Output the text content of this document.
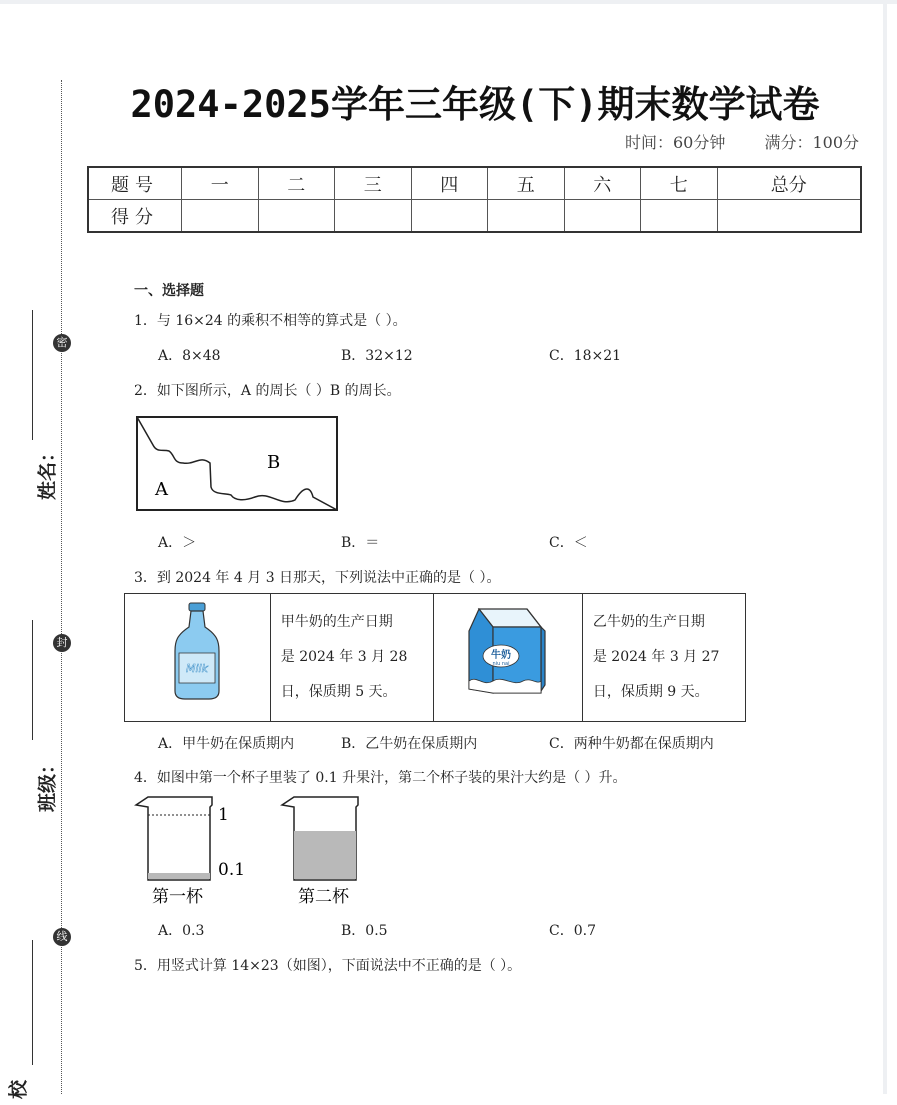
密
封
线
姓名：
班级：
校
2024-2025学年三年级(下)期末数学试卷
时间：60分钟 满分：100分
题号	一	二	三	四	五	六	七	总分
得分								
一、选择题
1．与 16×24 的乘积不相等的算式是（ ）。
A．8×48	B．32×12	C．18×21
2．如下图所示，A 的周长（ ）B 的周长。
A
B
A．＞	B．＝	C．＜
3．到 2024 年 4 月 3 日那天，下列说法中正确的是（ ）。
Milk

甲牛奶的生产日期
是 2024 年 3 月 28
日，保质期 5 天。

牛奶
niu nai

乙牛奶的生产日期
是 2024 年 3 月 27
日，保质期 9 天。
A．甲牛奶在保质期内	B．乙牛奶在保质期内	C．两种牛奶都在保质期内
4．如图中第一个杯子里装了 0.1 升果汁，第二个杯子装的果汁大约是（ ）升。
1
0.1
第一杯	第二杯
A．0.3	B．0.5	C．0.7
5．用竖式计算 14×23（如图），下面说法中不正确的是（ ）。
